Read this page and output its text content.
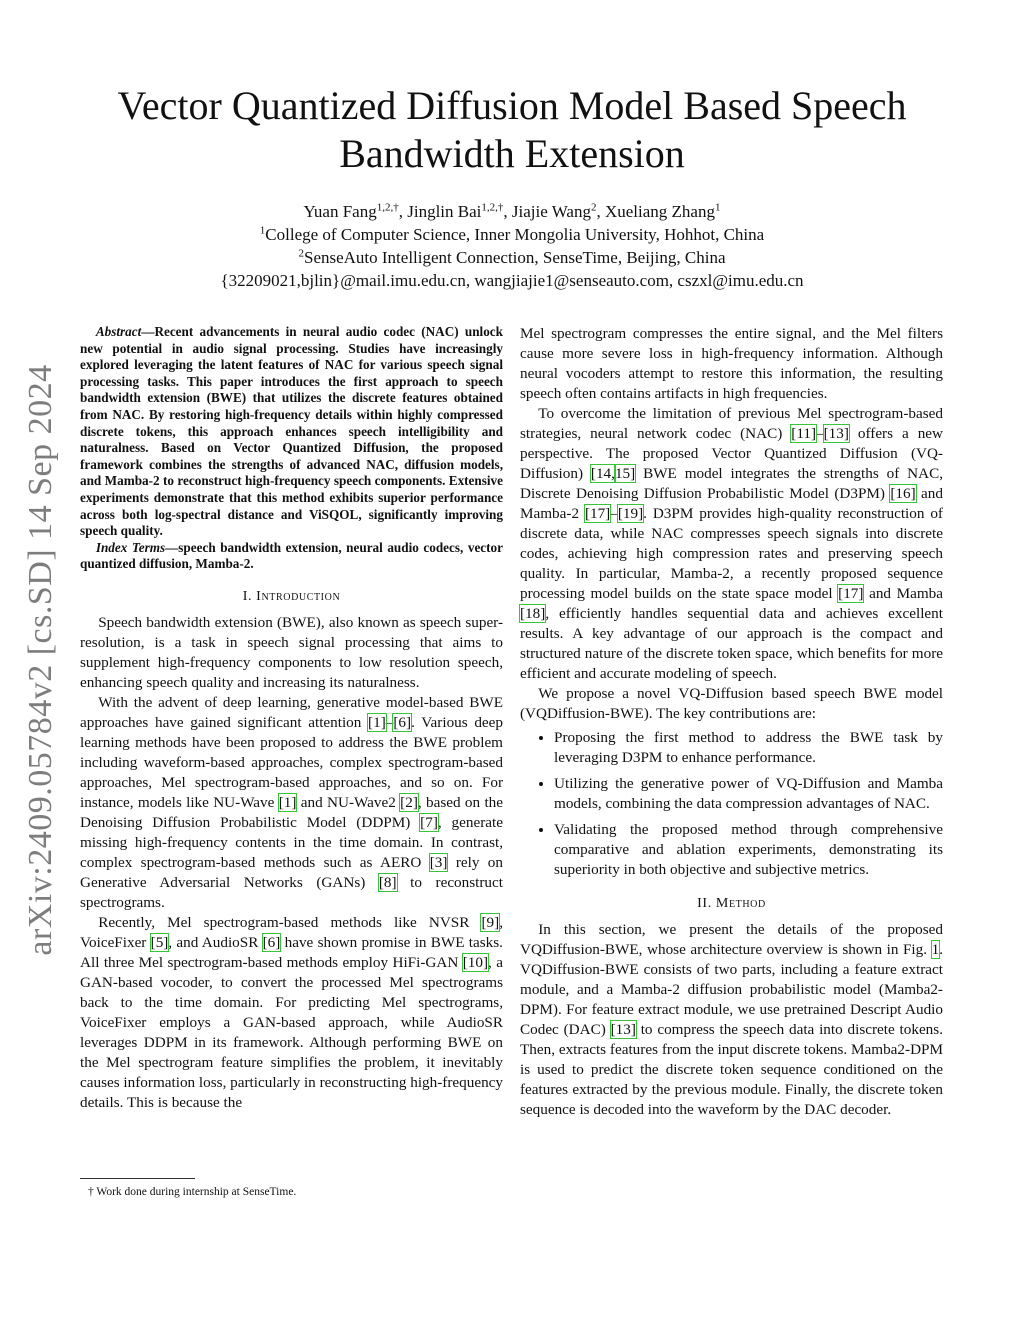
arXiv:2409.05784v2 [cs.SD] 14 Sep 2024
Vector Quantized Diffusion Model Based Speech Bandwidth Extension
Yuan Fang$^{1,2,\dagger}$, Jinglin Bai$^{1,2,\dagger}$, Jiajie Wang$^2$, Xueliang Zhang$^1$
$^1$College of Computer Science, Inner Mongolia University, Hohhot, China
$^2$SenseAuto Intelligent Connection, SenseTime, Beijing, China
{32209021,bjlin}@mail.imu.edu.cn, wangjiajie1@senseauto.com, cszxl@imu.edu.cn

Abstract—Recent advancements in neural audio codec (NAC) unlock new potential in audio signal processing. Studies have increasingly explored leveraging the latent features of NAC for various speech signal processing tasks. This paper introduces the first approach to speech bandwidth extension (BWE) that utilizes the discrete features obtained from NAC. By restoring high-frequency details within highly compressed discrete tokens, this approach enhances speech intelligibility and naturalness. Based on Vector Quantized Diffusion, the proposed framework combines the strengths of advanced NAC, diffusion models, and Mamba-2 to reconstruct high-frequency speech components. Extensive experiments demonstrate that this method exhibits superior performance across both log-spectral distance and ViSQOL, significantly improving speech quality.

Index Terms—speech bandwidth extension, neural audio codecs, vector quantized diffusion, Mamba-2.

I. Introduction

Speech bandwidth extension (BWE), also known as speech super-resolution, is a task in speech signal processing that aims to supplement high-frequency components to low resolution speech, enhancing speech quality and increasing its naturalness.

With the advent of deep learning, generative model-based BWE approaches have gained significant attention [1]–[6]. Various deep learning methods have been proposed to address the BWE problem including waveform-based approaches, complex spectrogram-based approaches, Mel spectrogram-based approaches, and so on. For instance, models like NU-Wave [1] and NU-Wave2 [2], based on the Denoising Diffusion Probabilistic Model (DDPM) [7], generate missing high-frequency contents in the time domain. In contrast, complex spectrogram-based methods such as AERO [3] rely on Generative Adversarial Networks (GANs) [8] to reconstruct spectrograms.

Recently, Mel spectrogram-based methods like NVSR [9], VoiceFixer [5], and AudioSR [6] have shown promise in BWE tasks. All three Mel spectrogram-based methods employ HiFi-GAN [10], a GAN-based vocoder, to convert the processed Mel spectrograms back to the time domain. For predicting Mel spectrograms, VoiceFixer employs a GAN-based approach, while AudioSR leverages DDPM in its framework. Although performing BWE on the Mel spectrogram feature simplifies the problem, it inevitably causes information loss, particularly in reconstructing high-frequency details. This is because the

Mel spectrogram compresses the entire signal, and the Mel filters cause more severe loss in high-frequency information. Although neural vocoders attempt to restore this information, the resulting speech often contains artifacts in high frequencies.

To overcome the limitation of previous Mel spectrogram-based strategies, neural network codec (NAC) [11]–[13] offers a new perspective. The proposed Vector Quantized Diffusion (VQ-Diffusion) [14,15] BWE model integrates the strengths of NAC, Discrete Denoising Diffusion Probabilistic Model (D3PM) [16] and Mamba-2 [17]–[19]. D3PM provides high-quality reconstruction of discrete data, while NAC compresses speech signals into discrete codes, achieving high compression rates and preserving speech quality. In particular, Mamba-2, a recently proposed sequence processing model builds on the state space model [17] and Mamba [18], efficiently handles sequential data and achieves excellent results. A key advantage of our approach is the compact and structured nature of the discrete token space, which benefits for more efficient and accurate modeling of speech.

We propose a novel VQ-Diffusion based speech BWE model (VQDiffusion-BWE). The key contributions are:

• Proposing the first method to address the BWE task by leveraging D3PM to enhance performance.
• Utilizing the generative power of VQ-Diffusion and Mamba models, combining the data compression advantages of NAC.
• Validating the proposed method through comprehensive comparative and ablation experiments, demonstrating its superiority in both objective and subjective metrics.
II. Method

In this section, we present the details of the proposed VQDiffusion-BWE, whose architecture overview is shown in Fig. 1. VQDiffusion-BWE consists of two parts, including a feature extract module, and a Mamba-2 diffusion probabilistic model (Mamba2-DPM). For feature extract module, we use pretrained Descript Audio Codec (DAC) [13] to compress the speech data into discrete tokens. Then, extracts features from the input discrete tokens. Mamba2-DPM is used to predict the discrete token sequence conditioned on the features extracted by the previous module. Finally, the discrete token sequence is decoded into the waveform by the DAC decoder.

† Work done during internship at SenseTime.
